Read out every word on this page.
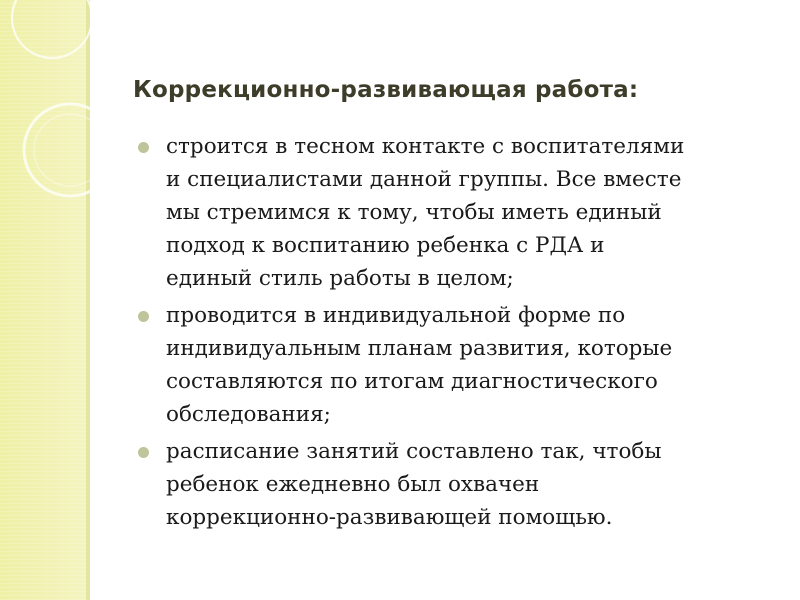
Коррекционно-развивающая работа:
строится в тесном контакте с воспитателями
и специалистами данной группы. Все вместе
мы стремимся к тому, чтобы иметь единый
подход к воспитанию ребенка с РДА и
единый стиль работы в целом;
проводится в индивидуальной форме по
индивидуальным планам развития, которые
составляются по итогам диагностического
обследования;
расписание занятий составлено так, чтобы
ребенок ежедневно был охвачен
коррекционно-развивающей помощью.
